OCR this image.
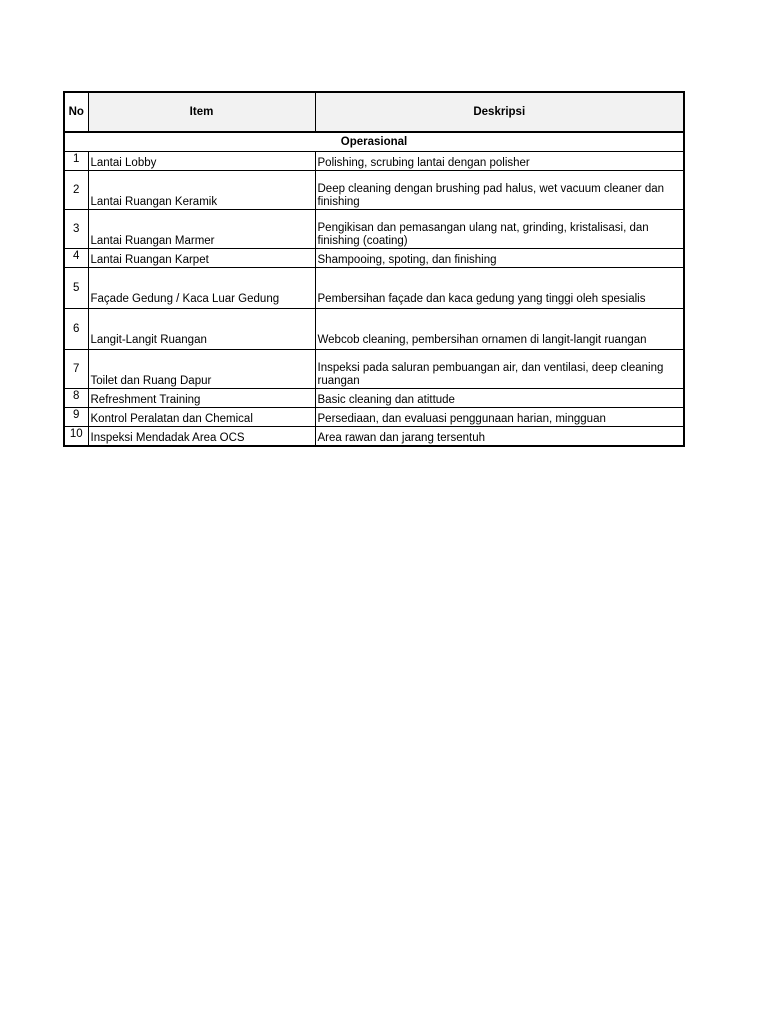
No	Item	Deskripsi
Operasional		
1	Lantai Lobby	Polishing, scrubing lantai dengan polisher
2	Lantai Ruangan Keramik	Deep cleaning dengan brushing pad halus, wet vacuum cleaner dan finishing
3	Lantai Ruangan Marmer	Pengikisan dan pemasangan ulang nat, grinding, kristalisasi, dan finishing (coating)
4	Lantai Ruangan Karpet	Shampooing, spoting, dan finishing
5	Façade Gedung / Kaca Luar Gedung	Pembersihan façade dan kaca gedung yang tinggi oleh spesialis
6	Langit-Langit Ruangan	Webcob cleaning, pembersihan ornamen di langit-langit ruangan
7	Toilet dan Ruang Dapur	Inspeksi pada saluran pembuangan air, dan ventilasi, deep cleaning ruangan
8	Refreshment Training	Basic cleaning dan atittude
9	Kontrol Peralatan dan Chemical	Persediaan, dan evaluasi penggunaan harian, mingguan
10	Inspeksi Mendadak Area OCS	Area rawan dan jarang tersentuh
